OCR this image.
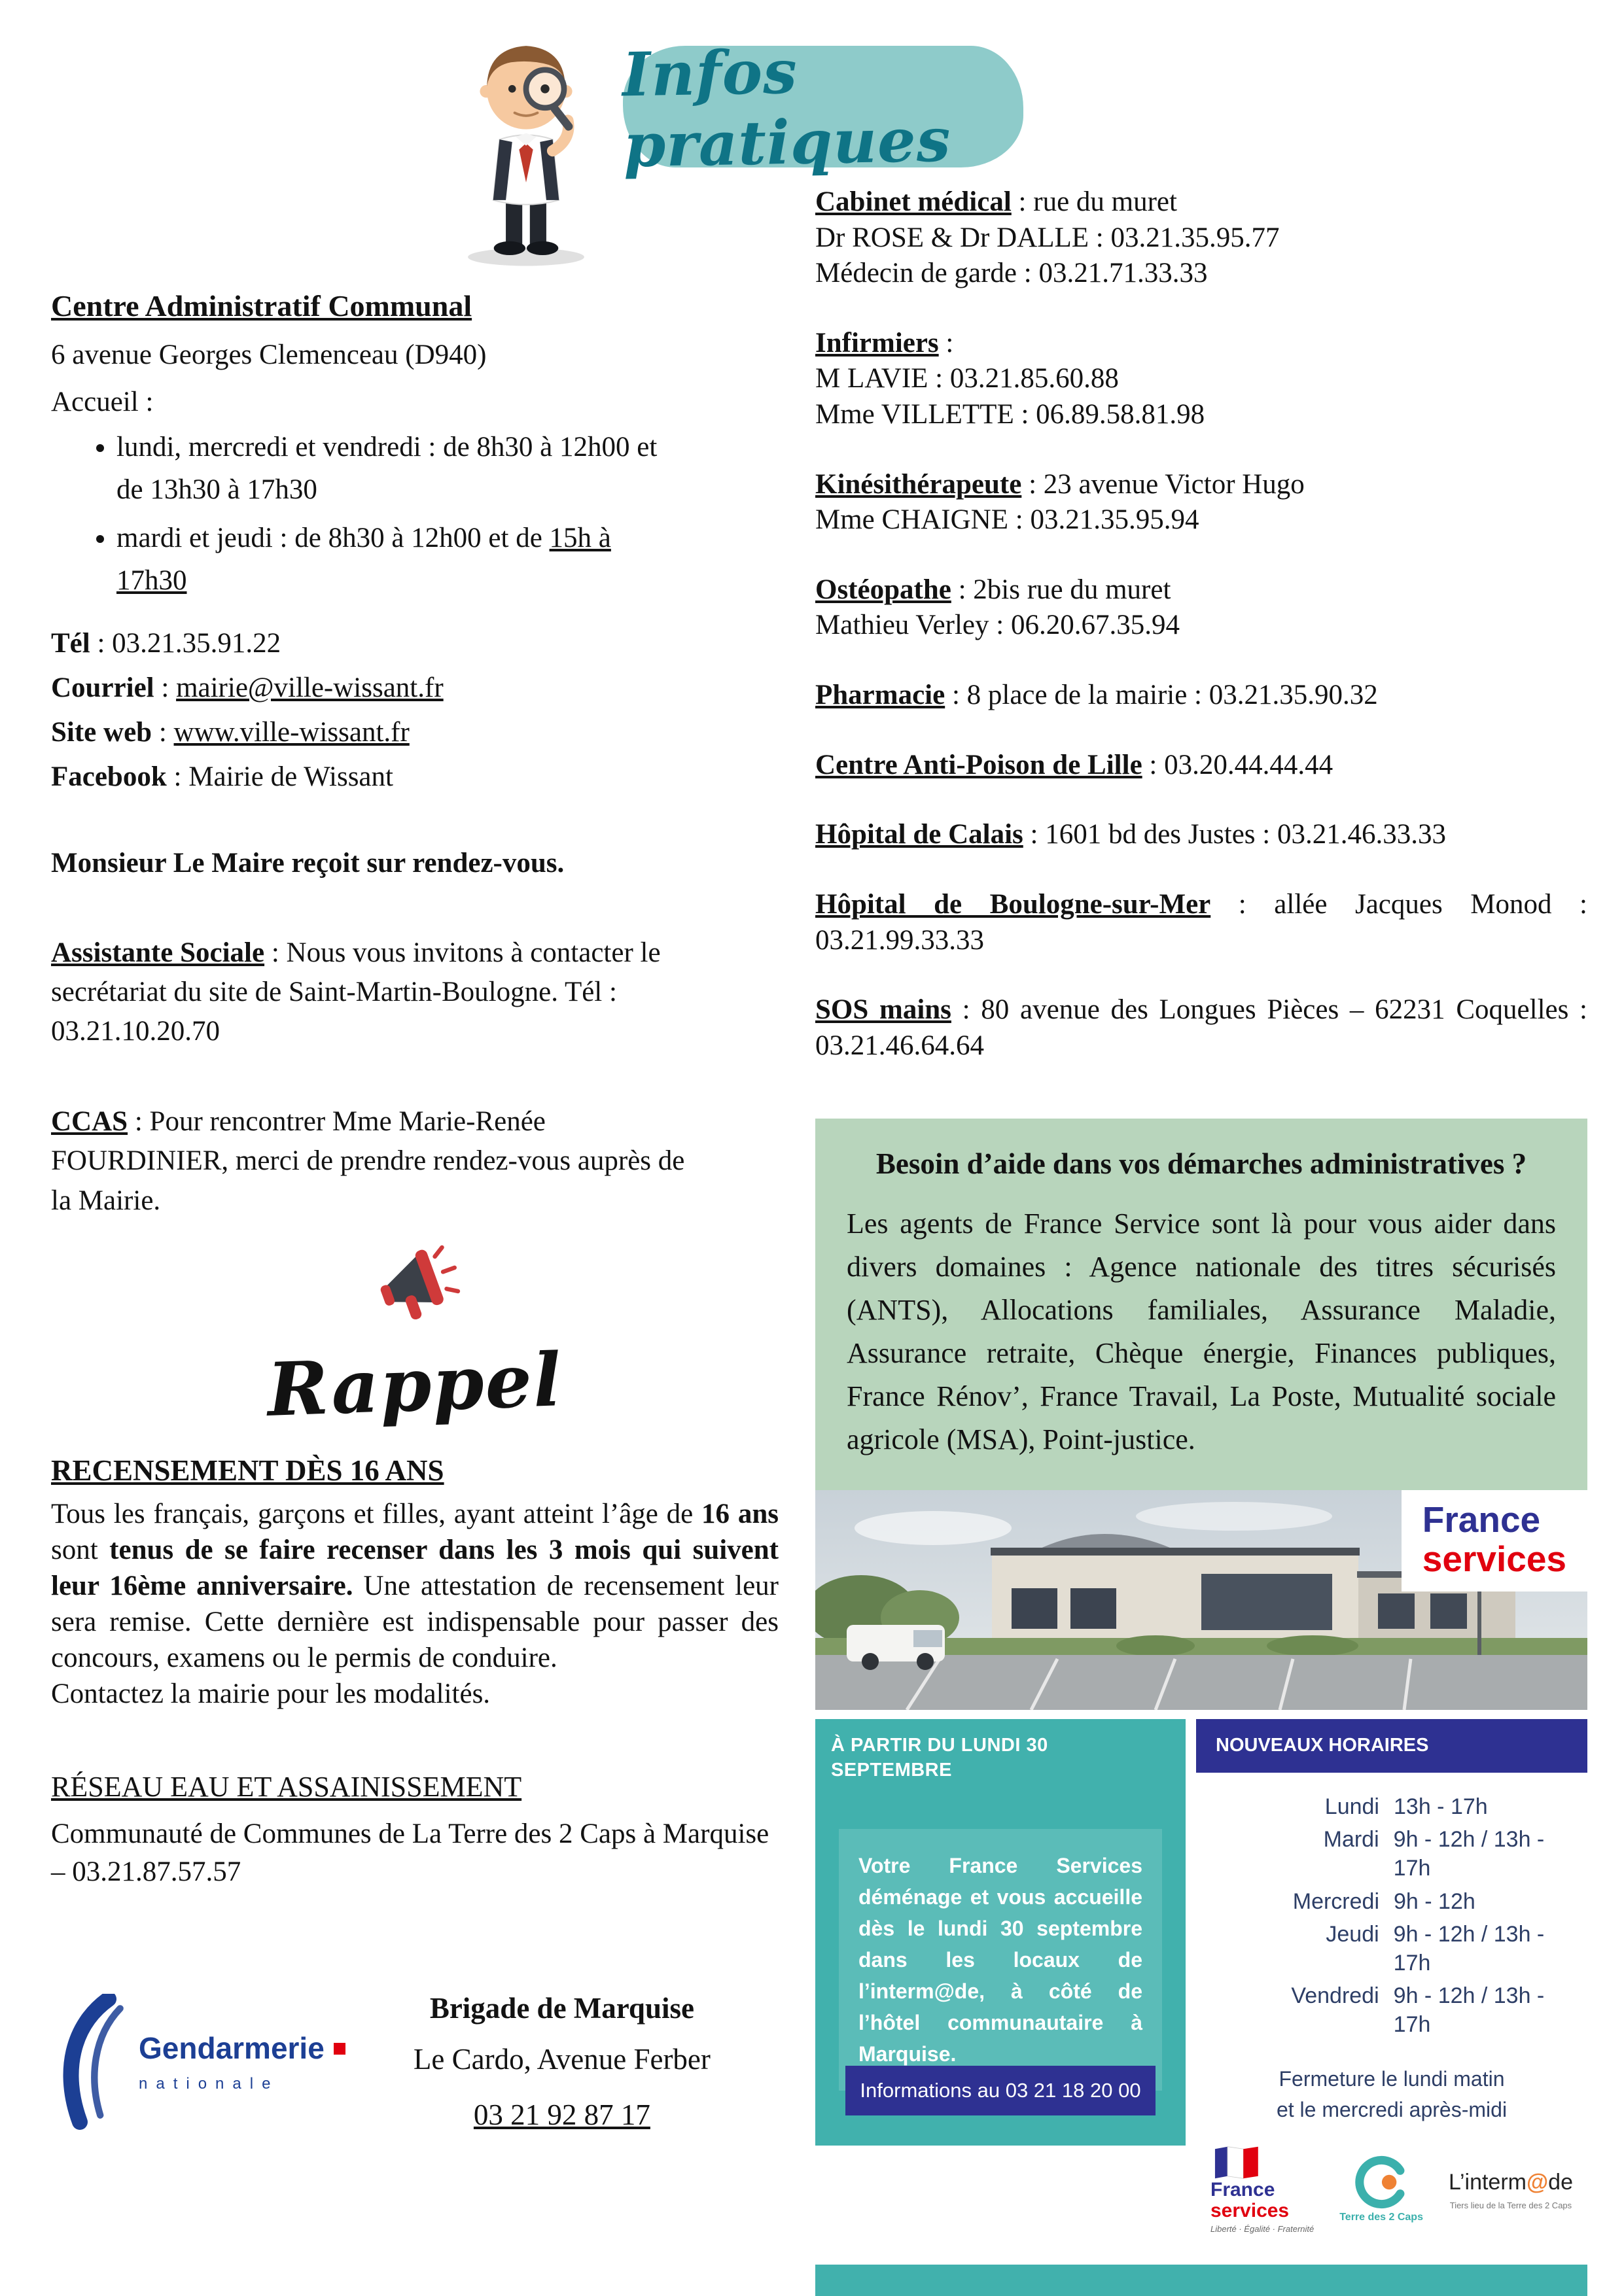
Infos pratiques
Centre Administratif Communal
6 avenue Georges Clemenceau (D940)
Accueil :
• lundi, mercredi et vendredi : de 8h30 à 12h00 et de 13h30 à 17h30
• mardi et jeudi : de 8h30 à 12h00 et de 15h à 17h30
Tél : 03.21.35.91.22
Courriel : mairie@ville-wissant.fr
Site web : www.ville-wissant.fr
Facebook : Mairie de Wissant
Monsieur Le Maire reçoit sur rendez-vous.

Assistante Sociale : Nous vous invitons à contacter le secrétariat du site de Saint-Martin-Boulogne. Tél : 03.21.10.20.70

CCAS : Pour rencontrer Mme Marie-Renée FOURDINIER, merci de prendre rendez-vous auprès de la Mairie.

Rappel
RECENSEMENT DÈS 16 ANS

Tous les français, garçons et filles, ayant atteint l’âge de 16 ans sont tenus de se faire recenser dans les 3 mois qui suivent leur 16ème anniversaire. Une attestation de recensement leur sera remise. Cette dernière est indispensable pour passer des concours, examens ou le permis de conduire.

Contactez la mairie pour les modalités.
RÉSEAU EAU ET ASSAINISSEMENT
Communauté de Communes de La Terre des 2 Caps à Marquise – 03.21.87.57.57
Gendarmerie
nationale
Brigade de Marquise
Le Cardo, Avenue Ferber
03 21 92 87 17

Cabinet médical : rue du muret
Dr ROSE & Dr DALLE : 03.21.35.95.77
Médecin de garde : 03.21.71.33.33

Infirmiers :
M LAVIE : 03.21.85.60.88
Mme VILLETTE : 06.89.58.81.98

Kinésithérapeute : 23 avenue Victor Hugo
Mme CHAIGNE : 03.21.35.95.94

Ostéopathe : 2bis rue du muret
Mathieu Verley : 06.20.67.35.94

Pharmacie : 8 place de la mairie : 03.21.35.90.32

Centre Anti-Poison de Lille : 03.20.44.44.44

Hôpital de Calais : 1601 bd des Justes : 03.21.46.33.33

Hôpital de Boulogne-sur-Mer : allée Jacques Monod : 03.21.99.33.33

SOS mains : 80 avenue des Longues Pièces – 62231 Coquelles : 03.21.46.64.64

Besoin d’aide dans vos démarches administratives ?
Les agents de France Service sont là pour vous aider dans divers domaines : Agence nationale des titres sécurisés (ANTS), Allocations familiales, Assurance Maladie, Assurance retraite, Chèque énergie, Finances publiques, France Rénov’, France Travail, La Poste, Mutualité sociale agricole (MSA), Point-justice.
France
services
À PARTIR DU LUNDI 30 SEPTEMBRE
Votre France Services déménage et vous accueille dès le lundi 30 septembre dans les locaux de l’interm@de, à côté de l’hôtel communautaire à Marquise.
Informations au 03 21 18 20 00
NOUVEAUX HORAIRES
Lundi 13h - 17h
Mardi 9h - 12h / 13h - 17h
Mercredi 9h - 12h
Jeudi 9h - 12h / 13h - 17h
Vendredi 9h - 12h / 13h - 17h
Fermeture le lundi matin
et le mercredi après-midi
France
services
Liberté · Égalité · Fraternité
Terre des 2 Caps
L’interm@de
Tiers lieu de la Terre des 2 Caps
